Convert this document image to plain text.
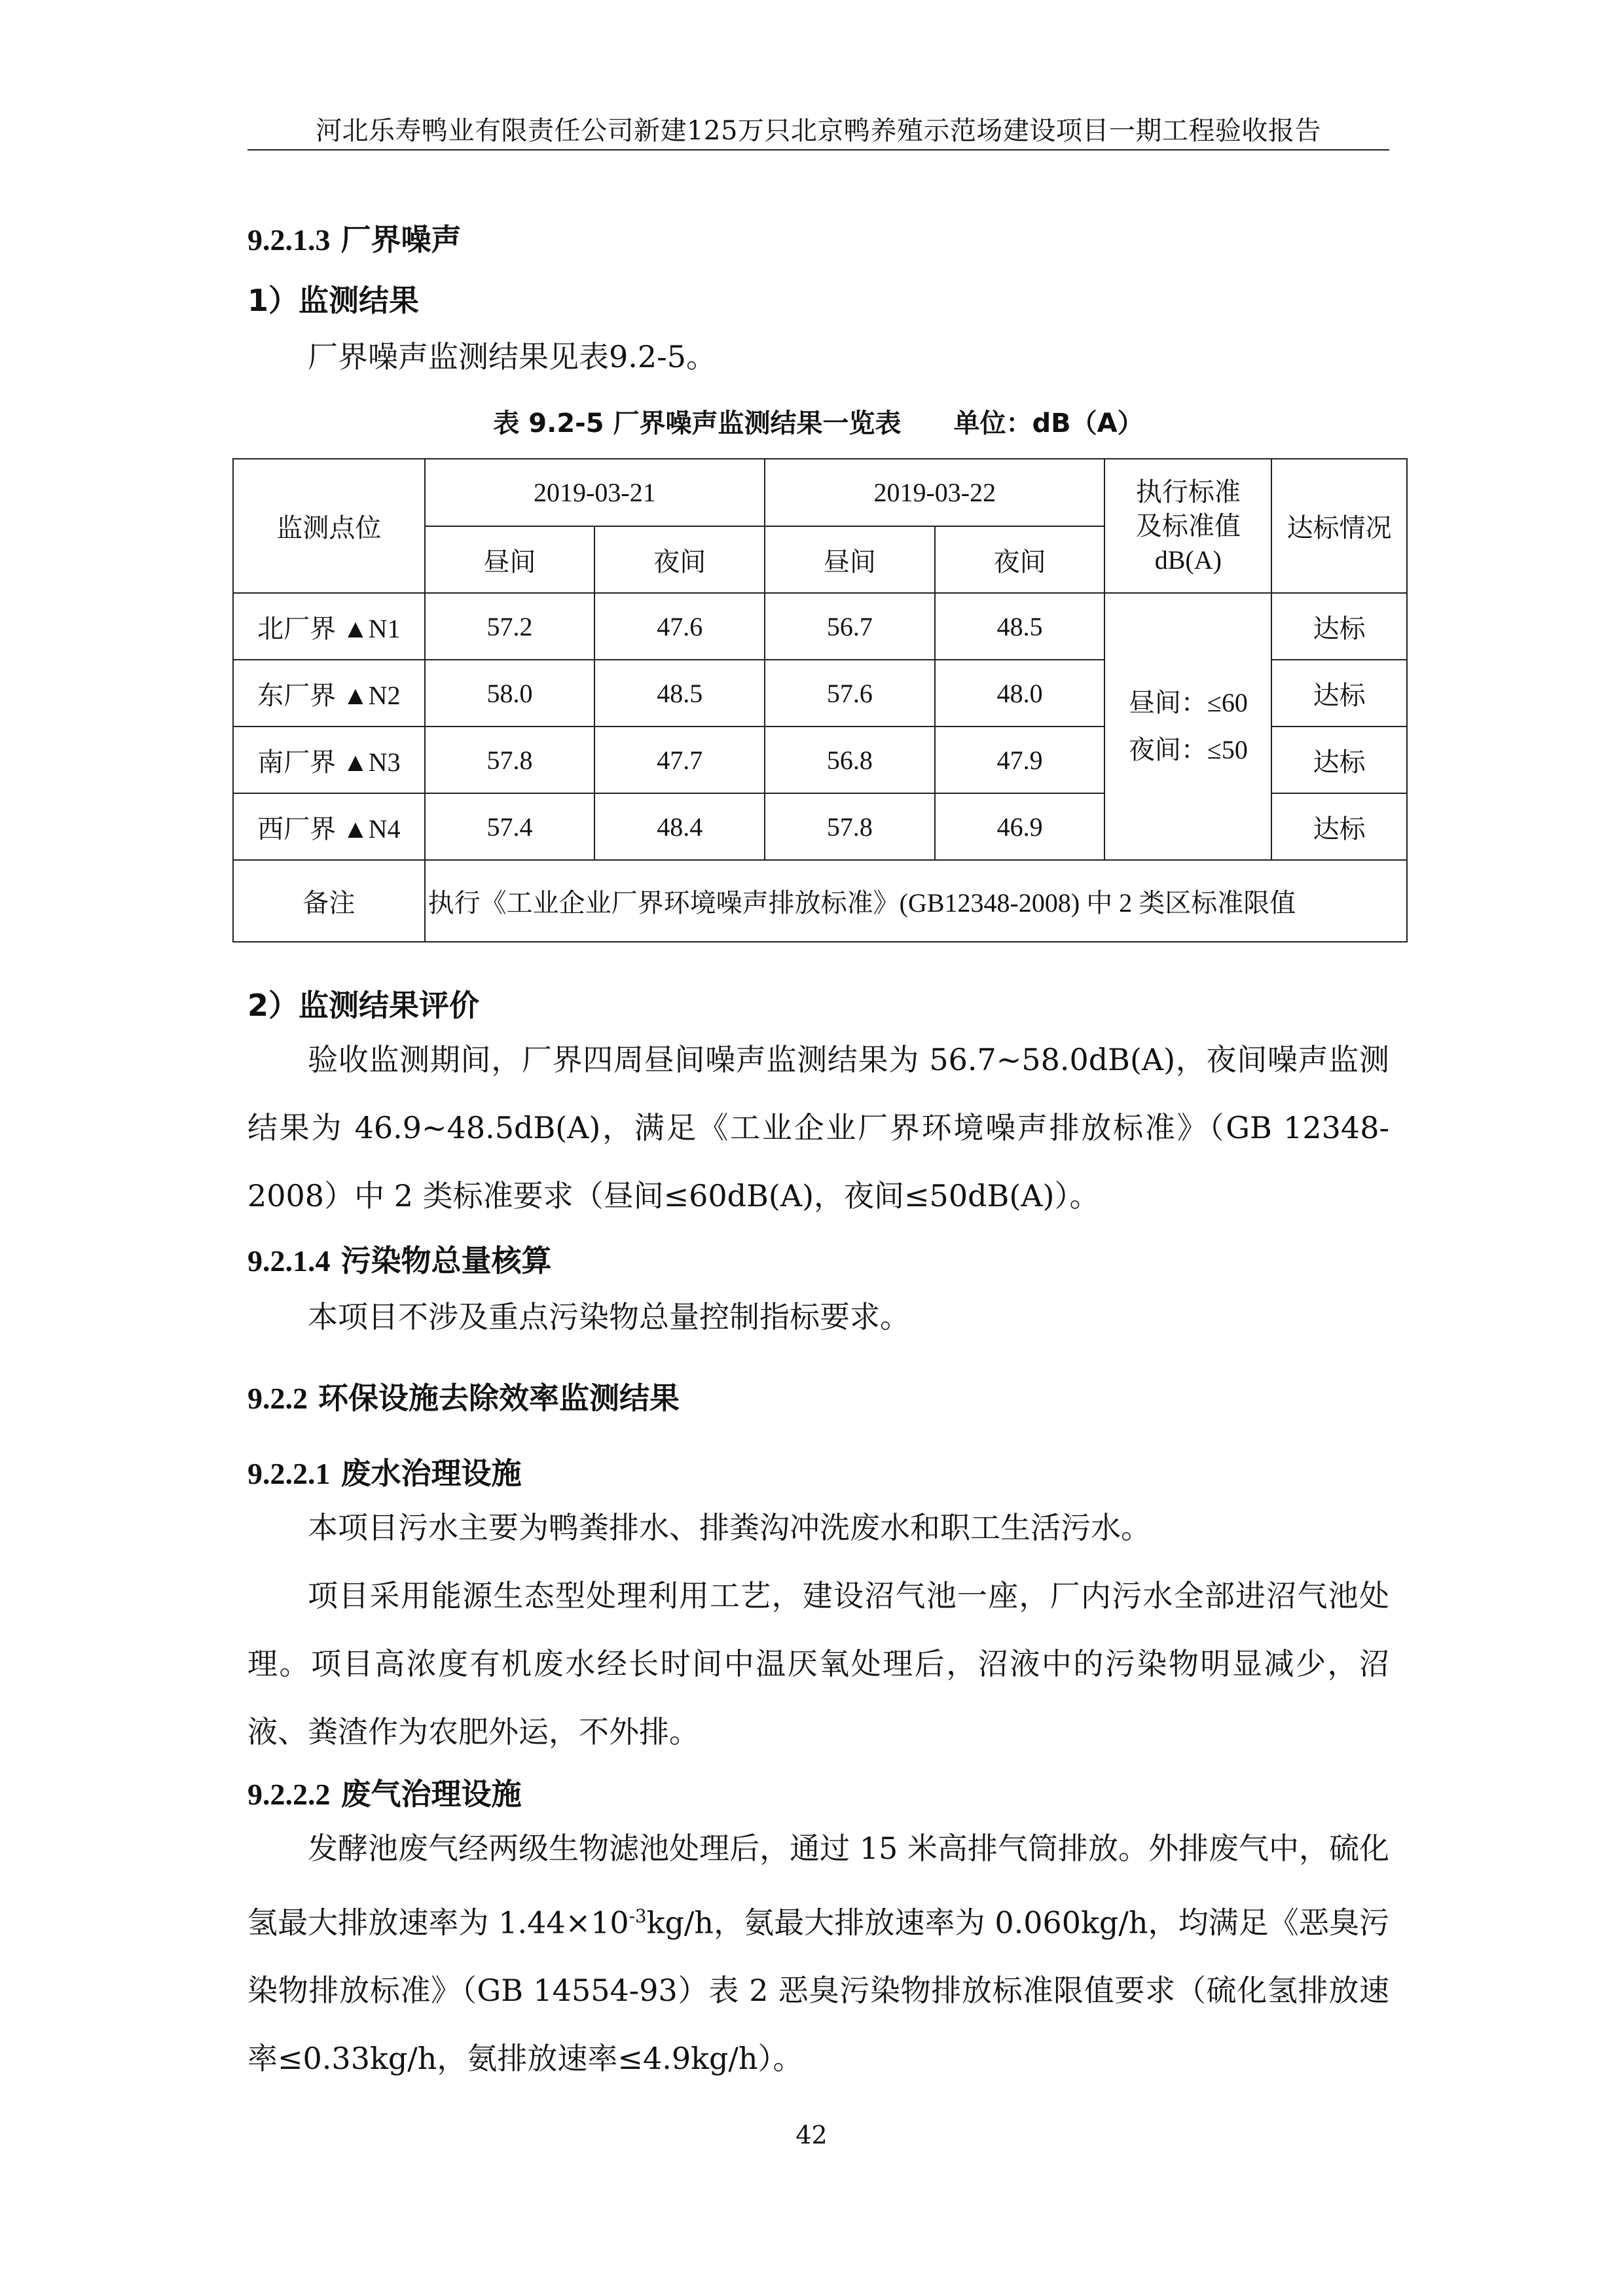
河北乐寿鸭业有限责任公司新建125万只北京鸭养殖示范场建设项目一期工程验收报告
9.2.1.3 厂界噪声
1）监测结果
厂界噪声监测结果见表9.2-5。
表 9.2-5 厂界噪声监测结果一览表 单位：dB（A）
监测点位	2019-03-21		2019-03-22		执行标准
及标准值
dB(A)	达标情况
	昼间	夜间	昼间	夜间		
北厂界 ▲N1	57.2	47.6	56.7	48.5	昼间：≤60
夜间：≤50	达标
东厂界 ▲N2	58.0	48.5	57.6	48.0		达标
南厂界 ▲N3	57.8	47.7	56.8	47.9		达标
西厂界 ▲N4	57.4	48.4	57.8	46.9		达标
备注	执行《工业企业厂界环境噪声排放标准》(GB12348-2008) 中 2 类区标准限值					
2）监测结果评价
验收监测期间，厂界四周昼间噪声监测结果为 56.7~58.0dB(A)，夜间噪声监测结果为 46.9~48.5dB(A)，满足《工业企业厂界环境噪声排放标准》（GB 12348-2008）中 2 类标准要求（昼间≤60dB(A)，夜间≤50dB(A)）。
9.2.1.4 污染物总量核算
本项目不涉及重点污染物总量控制指标要求。
9.2.2 环保设施去除效率监测结果
9.2.2.1 废水治理设施
本项目污水主要为鸭粪排水、排粪沟冲洗废水和职工生活污水。
项目采用能源生态型处理利用工艺，建设沼气池一座，厂内污水全部进沼气池处理。项目高浓度有机废水经长时间中温厌氧处理后，沼液中的污染物明显减少，沼液、粪渣作为农肥外运，不外排。
9.2.2.2 废气治理设施
发酵池废气经两级生物滤池处理后，通过 15 米高排气筒排放。外排废气中，硫化氢最大排放速率为 $1.44\times 10^{-3}kg/h$，氨最大排放速率为 0.060kg/h，均满足《恶臭污染物排放标准》（GB 14554-93）表 2 恶臭污染物排放标准限值要求（硫化氢排放速率≤0.33kg/h，氨排放速率≤4.9kg/h）。
42
